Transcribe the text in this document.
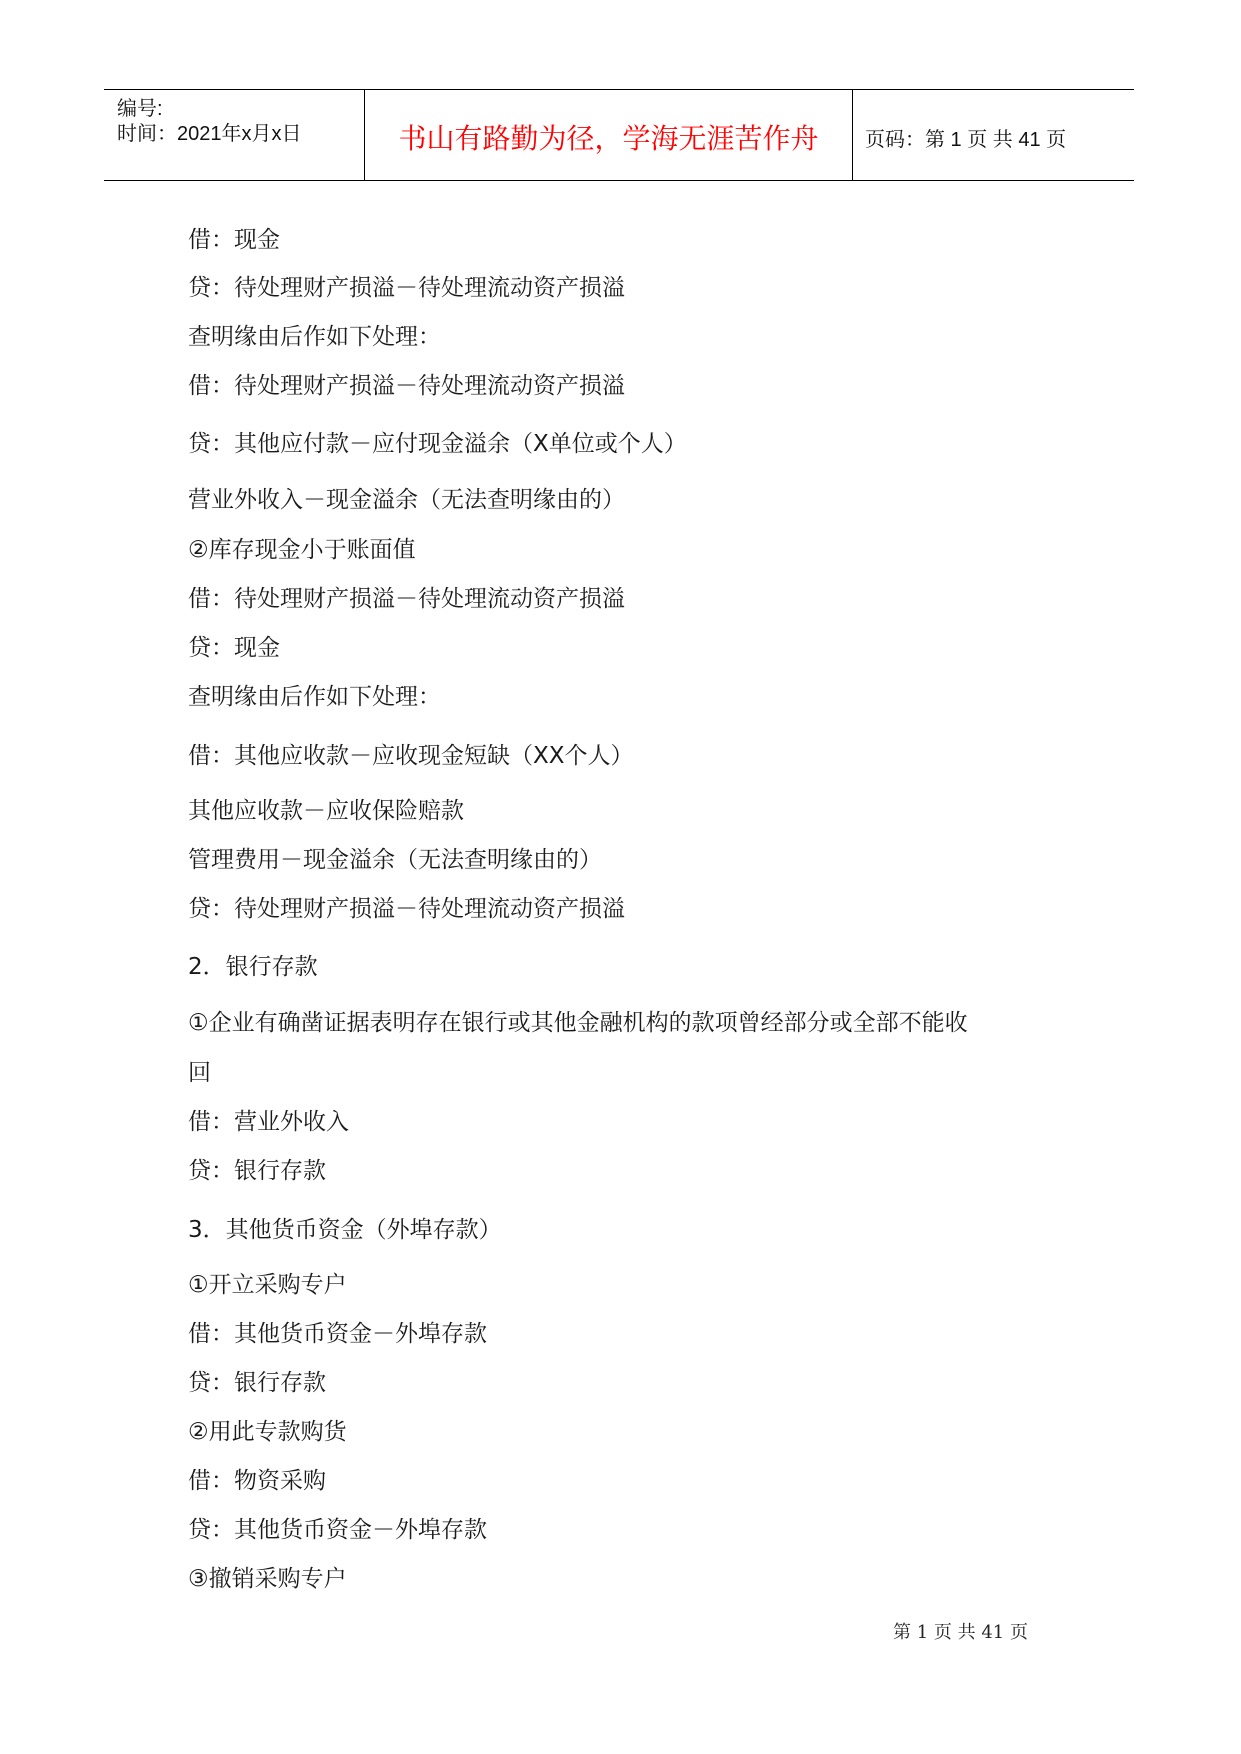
编号:
时间：2021年x月x日	书山有路勤为径，学海无涯苦作舟 页码：第 1 页 共 41 页
借：现金
贷：待处理财产损溢－待处理流动资产损溢
查明缘由后作如下处理：
借：待处理财产损溢－待处理流动资产损溢
贷：其他应付款－应付现金溢余（X单位或个人）
营业外收入－现金溢余（无法查明缘由的）
②库存现金小于账面值
借：待处理财产损溢－待处理流动资产损溢
贷：现金
查明缘由后作如下处理：
借：其他应收款－应收现金短缺（XX个人）
其他应收款－应收保险赔款
管理费用－现金溢余（无法查明缘由的）
贷：待处理财产损溢－待处理流动资产损溢
2．银行存款
①企业有确凿证据表明存在银行或其他金融机构的款项曾经部分或全部不能收
回
借：营业外收入
贷：银行存款
3．其他货币资金（外埠存款）
①开立采购专户
借：其他货币资金－外埠存款
贷：银行存款
②用此专款购货
借：物资采购
贷：其他货币资金－外埠存款
③撤销采购专户
第 1 页 共 41 页
